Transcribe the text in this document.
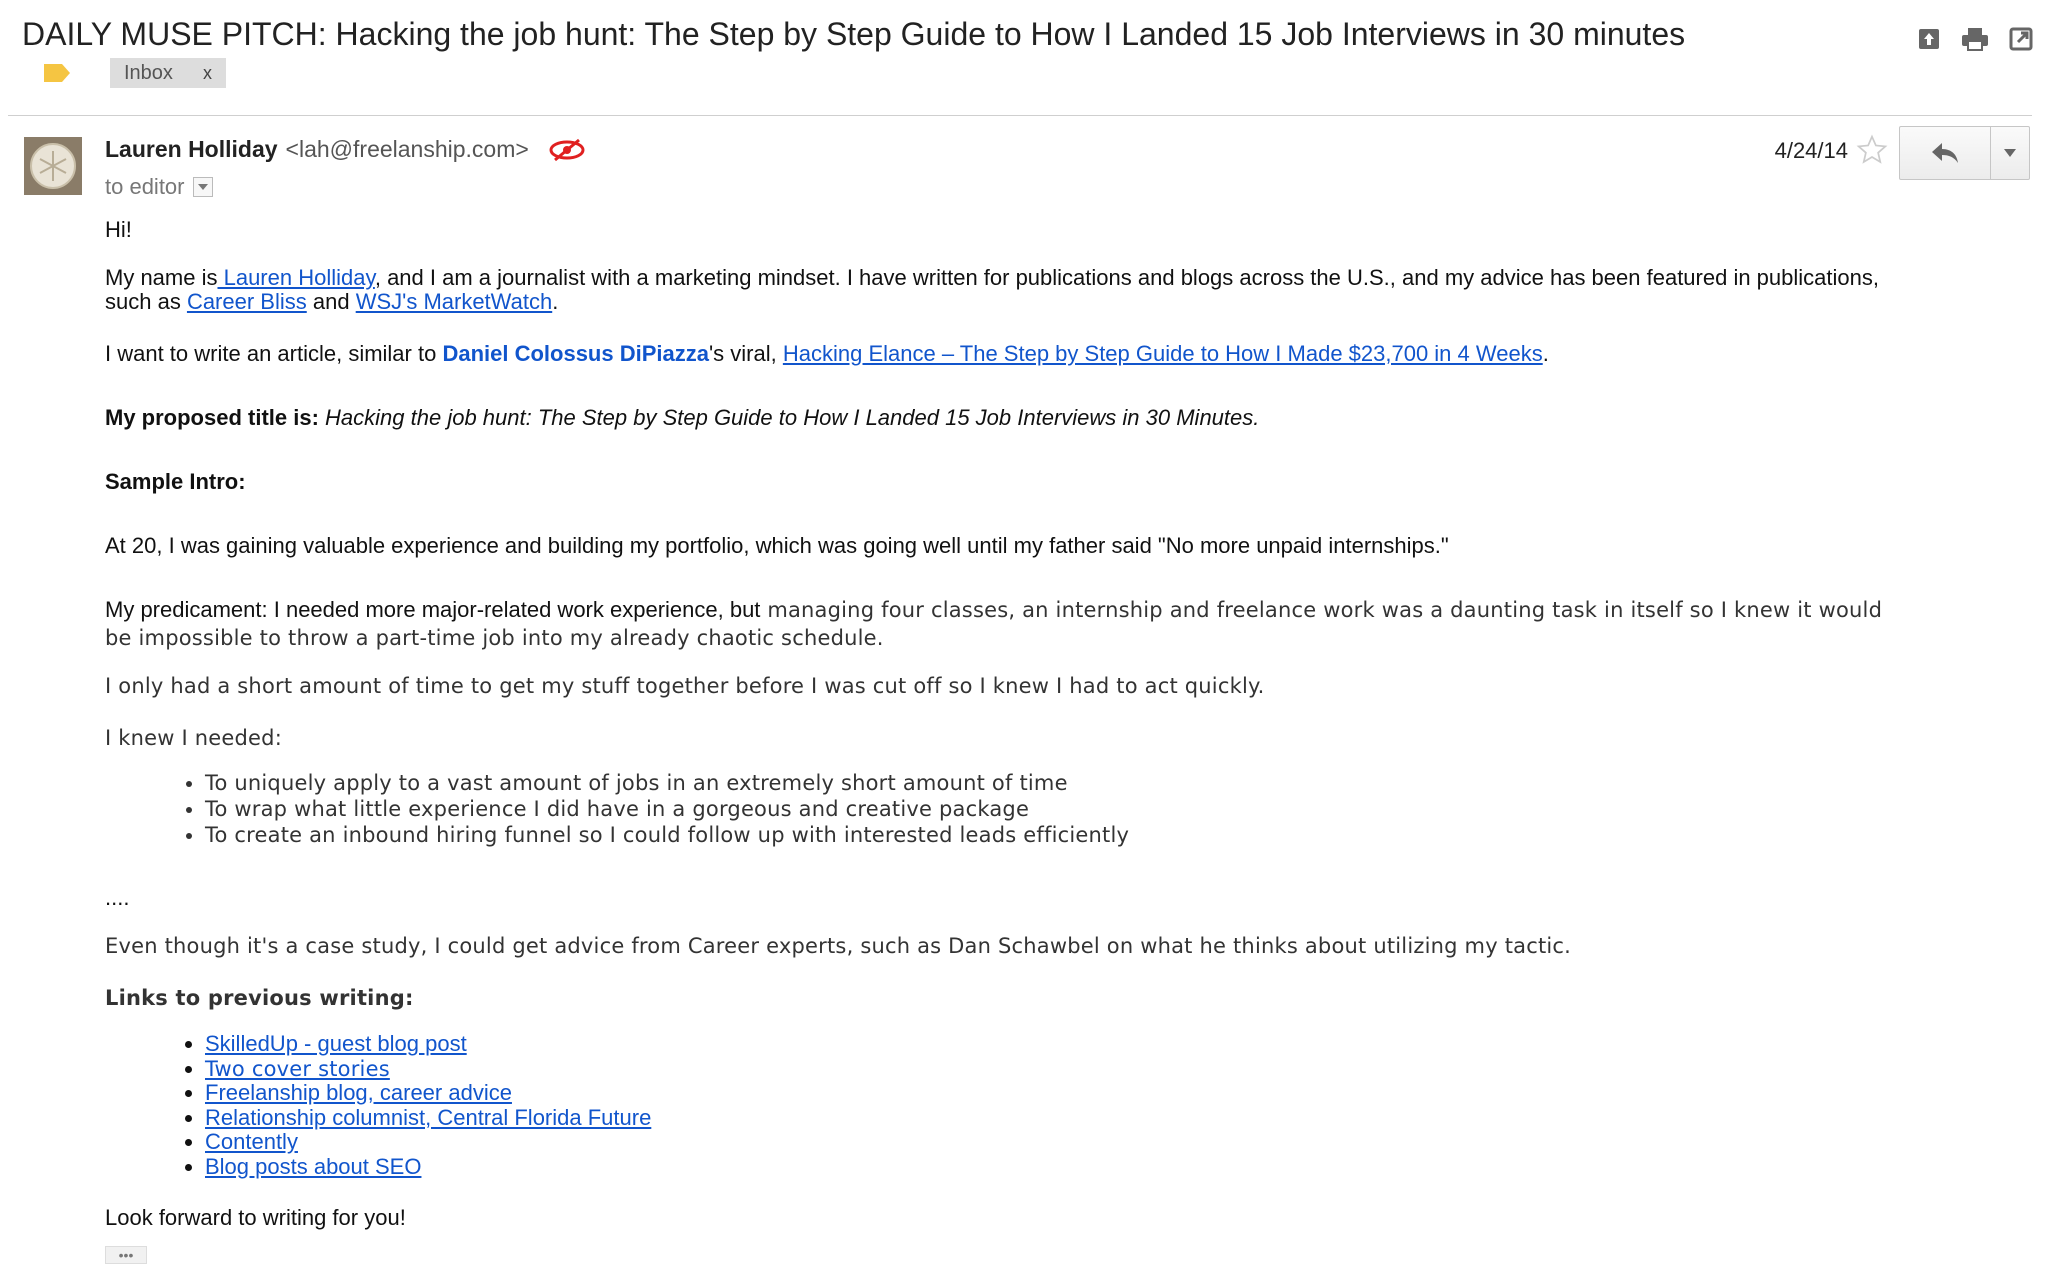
DAILY MUSE PITCH: Hacking the job hunt: The Step by Step Guide to How I Landed 15 Job Interviews in 30 minutes
Inbox x
Lauren Holliday <lah@freelanship.com>
to editor
4/24/14

Hi!

My name is Lauren Holliday, and I am a journalist with a marketing mindset. I have written for publications and blogs across the U.S., and my advice has been featured in publications,

such as Career Bliss and WSJ's MarketWatch.

I want to write an article, similar to Daniel Colossus DiPiazza's viral, Hacking Elance – The Step by Step Guide to How I Made $23,700 in 4 Weeks.

My proposed title is: Hacking the job hunt: The Step by Step Guide to How I Landed 15 Job Interviews in 30 Minutes.

Sample Intro:

At 20, I was gaining valuable experience and building my portfolio, which was going well until my father said "No more unpaid internships."

My predicament: I needed more major-related work experience, but managing four classes, an internship and freelance work was a daunting task in itself so I knew it would

be impossible to throw a part-time job into my already chaotic schedule.

I only had a short amount of time to get my stuff together before I was cut off so I knew I had to act quickly.

I knew I needed:

• To uniquely apply to a vast amount of jobs in an extremely short amount of time
• To wrap what little experience I did have in a gorgeous and creative package
• To create an inbound hiring funnel so I could follow up with interested leads efficiently

....

Even though it's a case study, I could get advice from Career experts, such as Dan Schawbel on what he thinks about utilizing my tactic.

Links to previous writing:

• SkilledUp - guest blog post
• Two cover stories
• Freelanship blog, career advice
• Relationship columnist, Central Florida Future
• Contently
• Blog posts about SEO

Look forward to writing for you!

•••
